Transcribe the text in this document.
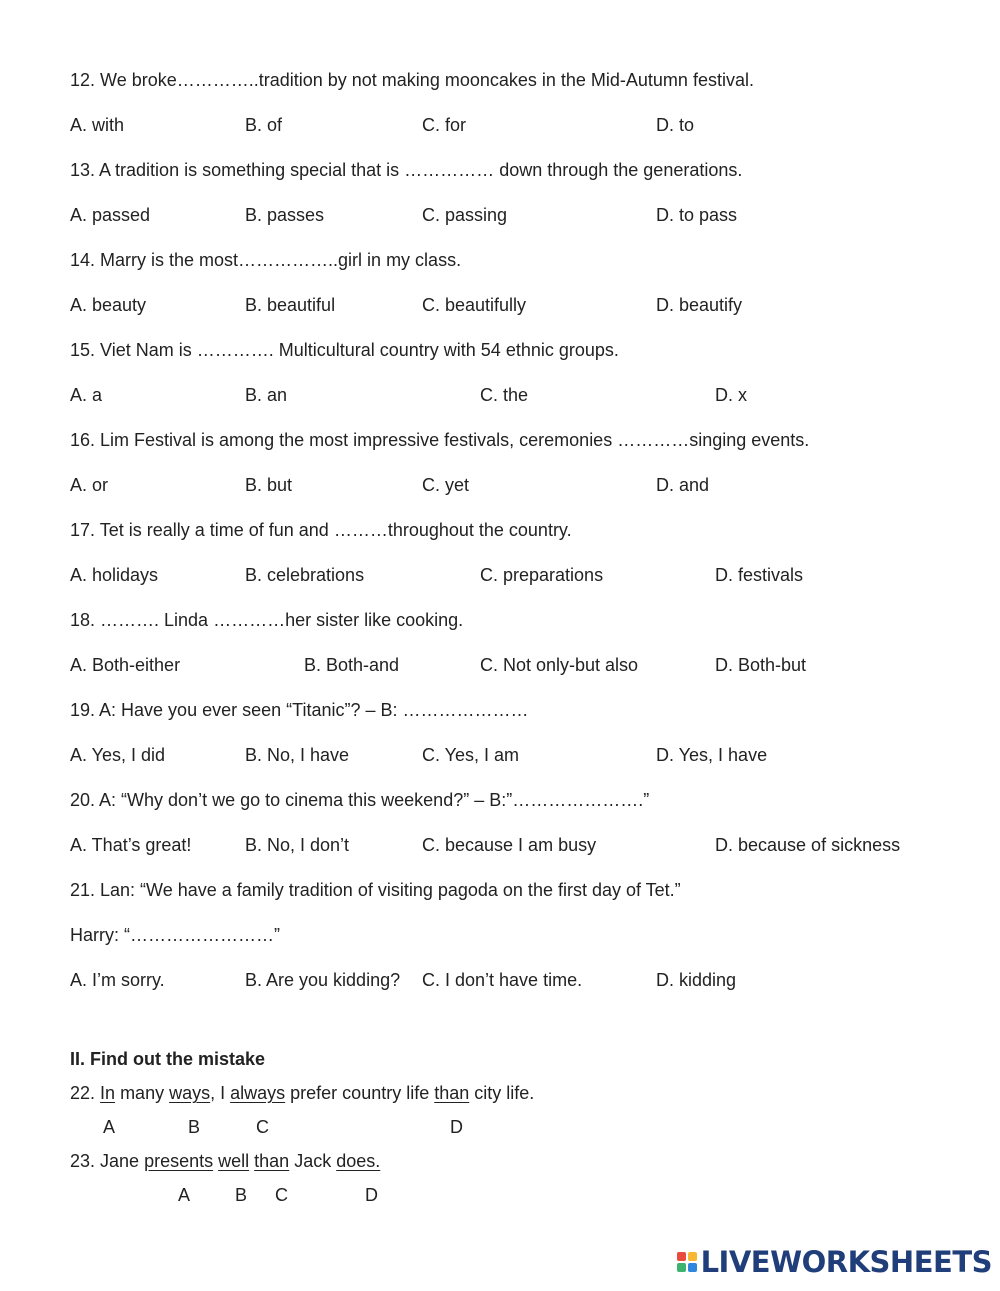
12. We broke…………..tradition by not making mooncakes in the Mid-Autumn festival.
A. with	B. of	C. for	D. to
13. A tradition is something special that is …………… down through the generations.
A. passed	B. passes	C. passing	D. to pass
14. Marry is the most……………..girl in my class.
A. beauty	B. beautiful	C. beautifully	D. beautify
15. Viet Nam is …………. Multicultural country with 54 ethnic groups.
A. a	B. an	C. the	D. x
16. Lim Festival is among the most impressive festivals, ceremonies …………singing events.
A. or	B. but	C. yet	D. and
17. Tet is really a time of fun and ………throughout the country.
A. holidays	B. celebrations	C. preparations	D. festivals
18. ………. Linda …………her sister like cooking.
A. Both-either	B. Both-and	C. Not only-but also	D. Both-but
19. A: Have you ever seen “Titanic”? – B: …………………
A. Yes, I did	B. No, I have	C. Yes, I am	D. Yes, I have
20. A: “Why don’t we go to cinema this weekend?” – B:”………………….”
A. That’s great!	B. No, I don’t	C. because I am busy	D. because of sickness
21. Lan: “We have a family tradition of visiting pagoda on the first day of Tet.”
Harry: “……………………”
A. I’m sorry.	B. Are you kidding? C. I don’t have time.	D. kidding
II. Find out the mistake
22. In many ways, I always prefer country life than city life.
A	B	C	D
23. Jane presents well than Jack does.
A B C	D
LIVEWORKSHEETS
